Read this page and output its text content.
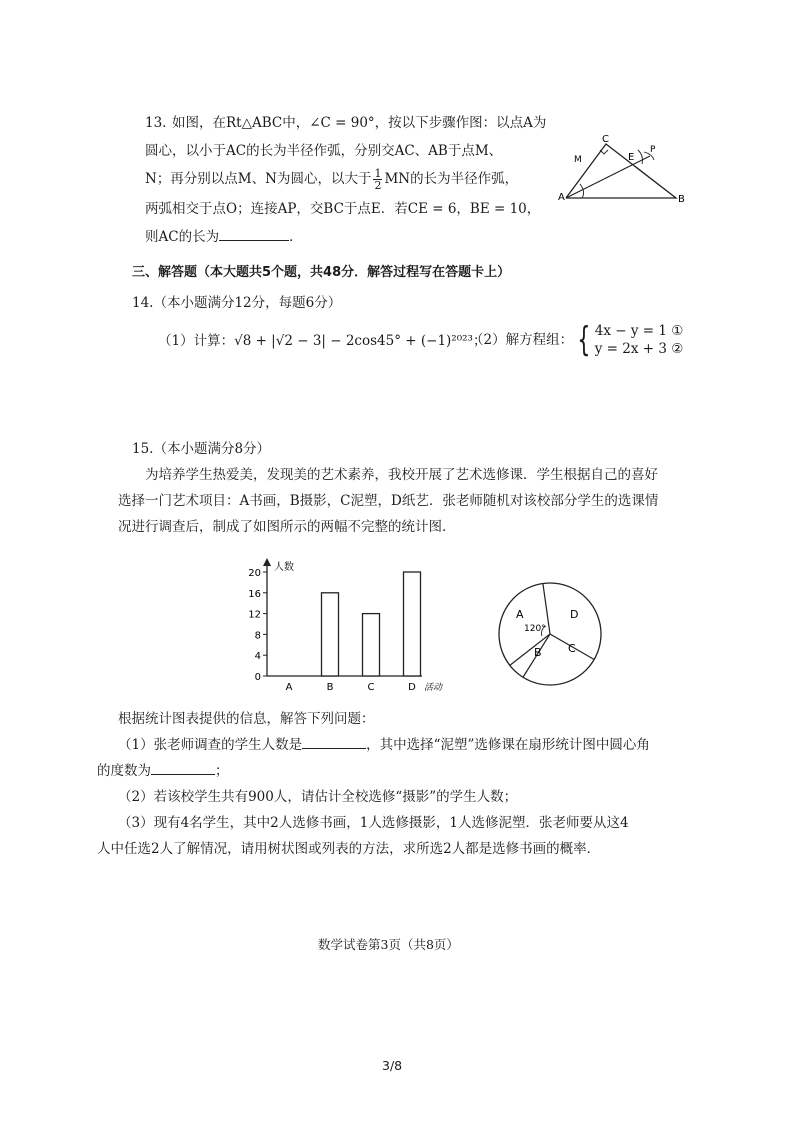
13. 如图，在Rt△ABC中，∠C = 90°，按以下步骤作图：以点A为
圆心，以小于AC的长为半径作弧，分别交AC、AB于点M、
N；再分别以点M、N为圆心，以大于 $\frac{1}{2}$ MN的长为半径作弧，
两弧相交于点O；连接AP，交BC于点E．若CE = 6，BE = 10，
则AC的长为	．
C
M	E
P
A	B
三、解答题（本大题共5个题，共48分．解答过程写在答题卡上）
14.（本小题满分12分，每题6分）
（1）计算：√8 + |√2 − 3| − 2cos45° + (−1)²⁰²³；
（2）解方程组： { 4x − y = 1 ①
y = 2x + 3 ②
15.（本小题满分8分）
为培养学生热爱美，发现美的艺术素养，我校开展了艺术选修课．学生根据自己的喜好
选择一门艺术项目：A书画，B摄影，C泥塑，D纸艺．张老师随机对该校部分学生的选课情
况进行调查后，制成了如图所示的两幅不完整的统计图．
人数
活动
0
4
8
12
16
20
A	B	C	D
A
120°
D
C
B
根据统计图表提供的信息，解答下列问题：
（1）张老师调查的学生人数是	，其中选择“泥塑”选修课在扇形统计图中圆心角
的度数为	；
（2）若该校学生共有900人，请估计全校选修“摄影”的学生人数；
（3）现有4名学生，其中2人选修书画，1人选修摄影，1人选修泥塑．张老师要从这4
人中任选2人了解情况，请用树状图或列表的方法，求所选2人都是选修书画的概率．
数学试卷第3页（共8页）
3/8
